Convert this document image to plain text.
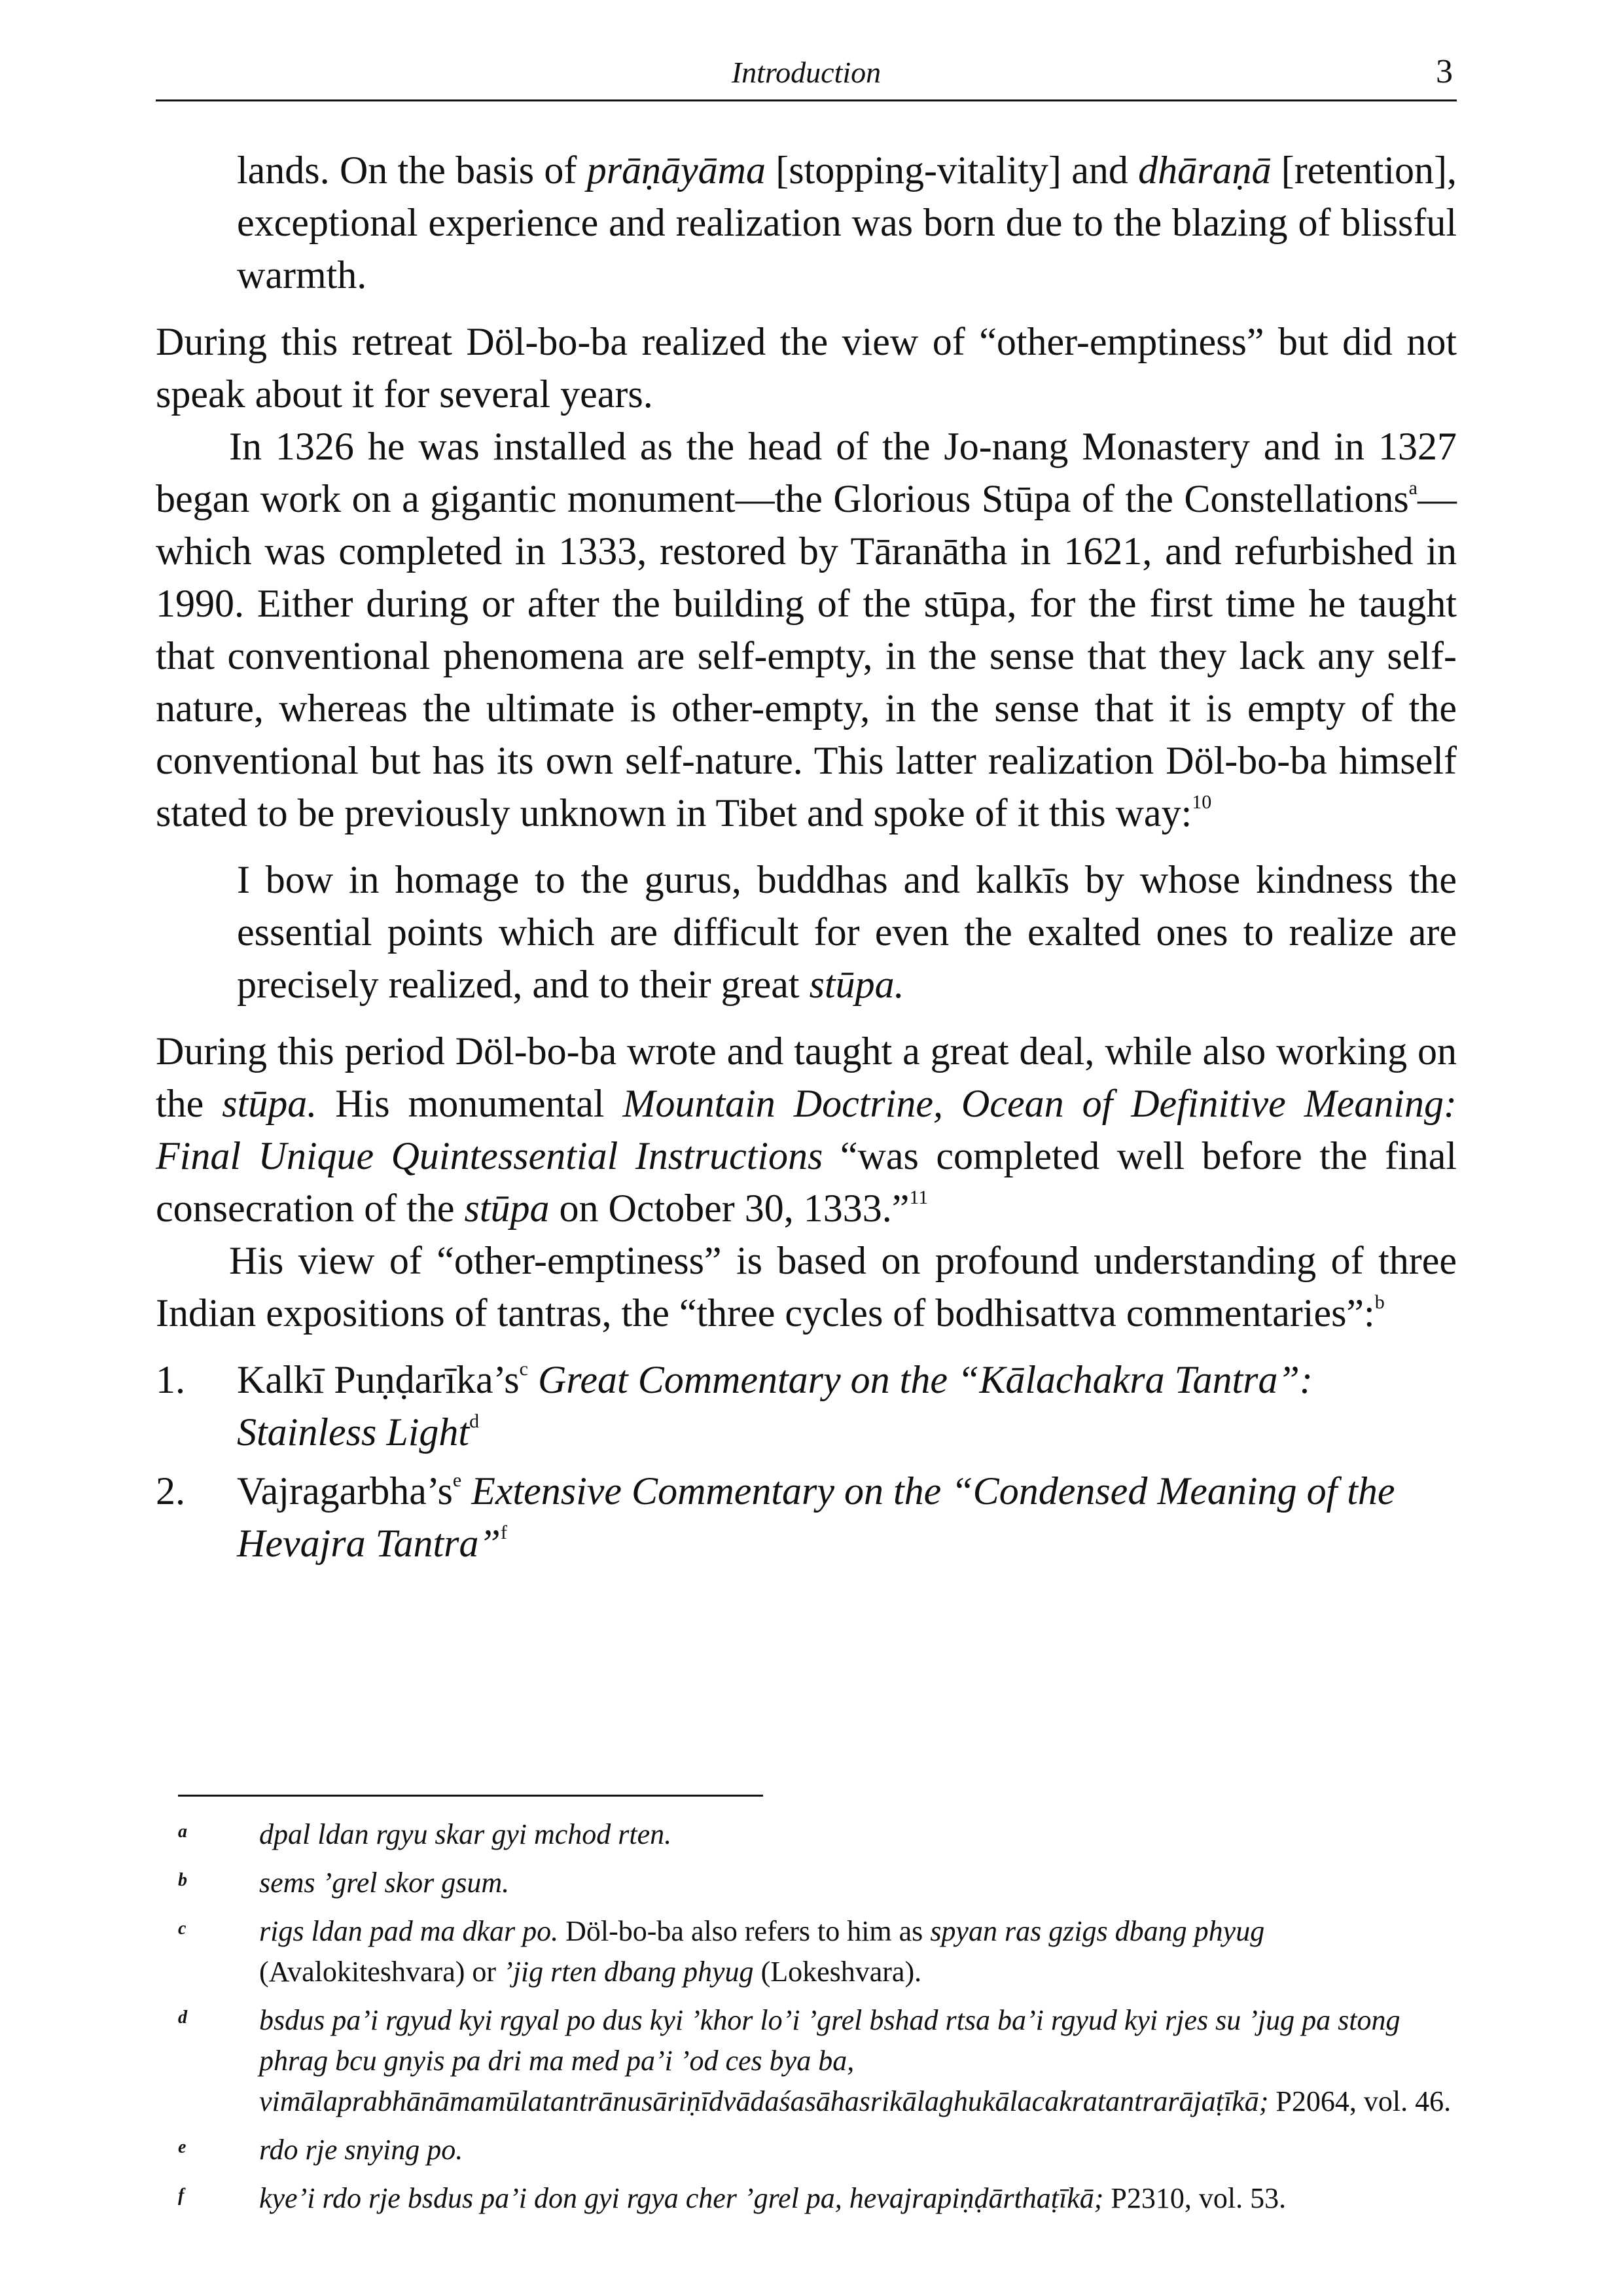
Introduction	3

lands. On the basis of prāṇāyāma [stopping-vitality] and dhāraṇā [retention], exceptional experience and realization was born due to the blazing of blissful warmth.

During this retreat Döl-bo-ba realized the view of “other-emptiness” but did not speak about it for several years.

In 1326 he was installed as the head of the Jo-nang Monastery and in 1327 began work on a gigantic monument—the Glorious Stūpa of the Constellations$^a$—which was completed in 1333, restored by Tāranātha in 1621, and refurbished in 1990. Either during or after the building of the stūpa, for the first time he taught that conventional phenomena are self-empty, in the sense that they lack any self-nature, whereas the ultimate is other-empty, in the sense that it is empty of the conventional but has its own self-nature. This latter realization Döl-bo-ba himself stated to be previously unknown in Tibet and spoke of it this way:$^{10}$

I bow in homage to the gurus, buddhas and kalkīs by whose kindness the essential points which are difficult for even the exalted ones to realize are precisely realized, and to their great stūpa.

During this period Döl-bo-ba wrote and taught a great deal, while also working on the stūpa. His monumental Mountain Doctrine, Ocean of Definitive Meaning: Final Unique Quintessential Instructions “was completed well before the final consecration of the stūpa on October 30, 1333.”$^{11}$

His view of “other-emptiness” is based on profound understanding of three Indian expositions of tantras, the “three cycles of bodhisattva commentaries”:$^b$

1. Kalkī $Puṇḍarīka’s^c$ Great Commentary on the “Kālachakra Tantra”: Stainless Light$^d$
2. $Vajragarbha’s^e$ Extensive Commentary on the “Condensed Meaning of the Hevajra Tantra”$^f$
a	dpal ldan rgyu skar gyi mchod rten.
b	sems ’grel skor gsum.
c	rigs ldan pad ma dkar po. Döl-bo-ba also refers to him as spyan ras gzigs dbang phyug (Avalokiteshvara) or ’jig rten dbang phyug (Lokeshvara).
d	bsdus pa’i rgyud kyi rgyal po dus kyi ’khor lo’i ’grel bshad rtsa ba’i rgyud kyi rjes su ’jug pa stong phrag bcu gnyis pa dri ma med pa’i ’od ces bya ba, vimālaprabhānāmamūlatantrānusāriṇīdvādaśasāhasrikālaghukālacakratantrarājaṭīkā; P2064, vol. 46.
e	rdo rje snying po.
f	kye’i rdo rje bsdus pa’i don gyi rgya cher ’grel pa, hevajrapiṇḍārthaṭīkā; P2310, vol. 53.
